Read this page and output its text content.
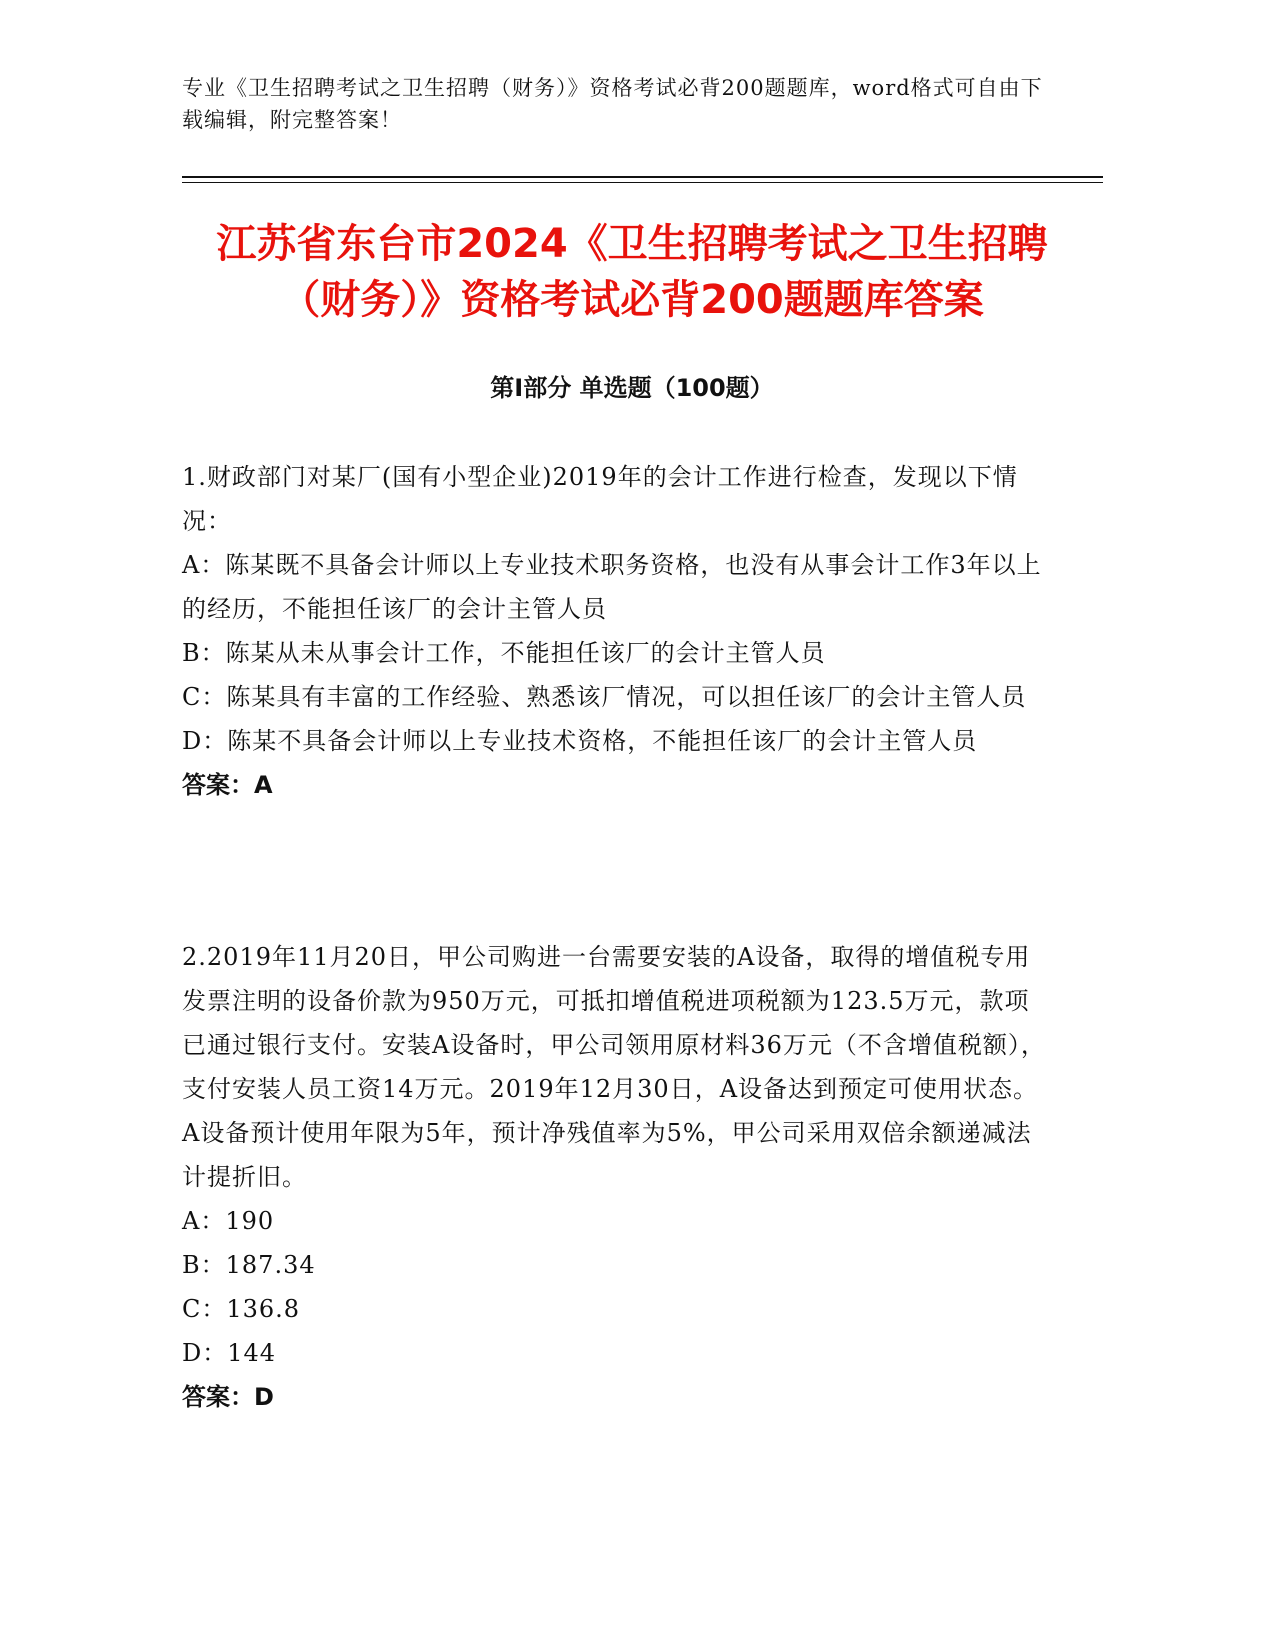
专业《卫生招聘考试之卫生招聘（财务）》资格考试必背200题题库，word格式可自由下载编辑，附完整答案！
江苏省东台市2024《卫生招聘考试之卫生招聘（财务）》资格考试必背200题题库答案
第Ⅰ部分 单选题（100题）

1.财政部门对某厂(国有小型企业)2019年的会计工作进行检查，发现以下情况：

A：陈某既不具备会计师以上专业技术职务资格，也没有从事会计工作3年以上的经历，不能担任该厂的会计主管人员

B：陈某从未从事会计工作，不能担任该厂的会计主管人员

C：陈某具有丰富的工作经验、熟悉该厂情况，可以担任该厂的会计主管人员

D：陈某不具备会计师以上专业技术资格，不能担任该厂的会计主管人员

答案：A

2.2019年11月20日，甲公司购进一台需要安装的A设备，取得的增值税专用发票注明的设备价款为950万元，可抵扣增值税进项税额为123.5万元，款项已通过银行支付。安装A设备时，甲公司领用原材料36万元（不含增值税额），支付安装人员工资14万元。2019年12月30日，A设备达到预定可使用状态。A设备预计使用年限为5年，预计净残值率为5%，甲公司采用双倍余额递减法计提折旧。

A：190

B：187.34

C：136.8

D：144

答案：D
